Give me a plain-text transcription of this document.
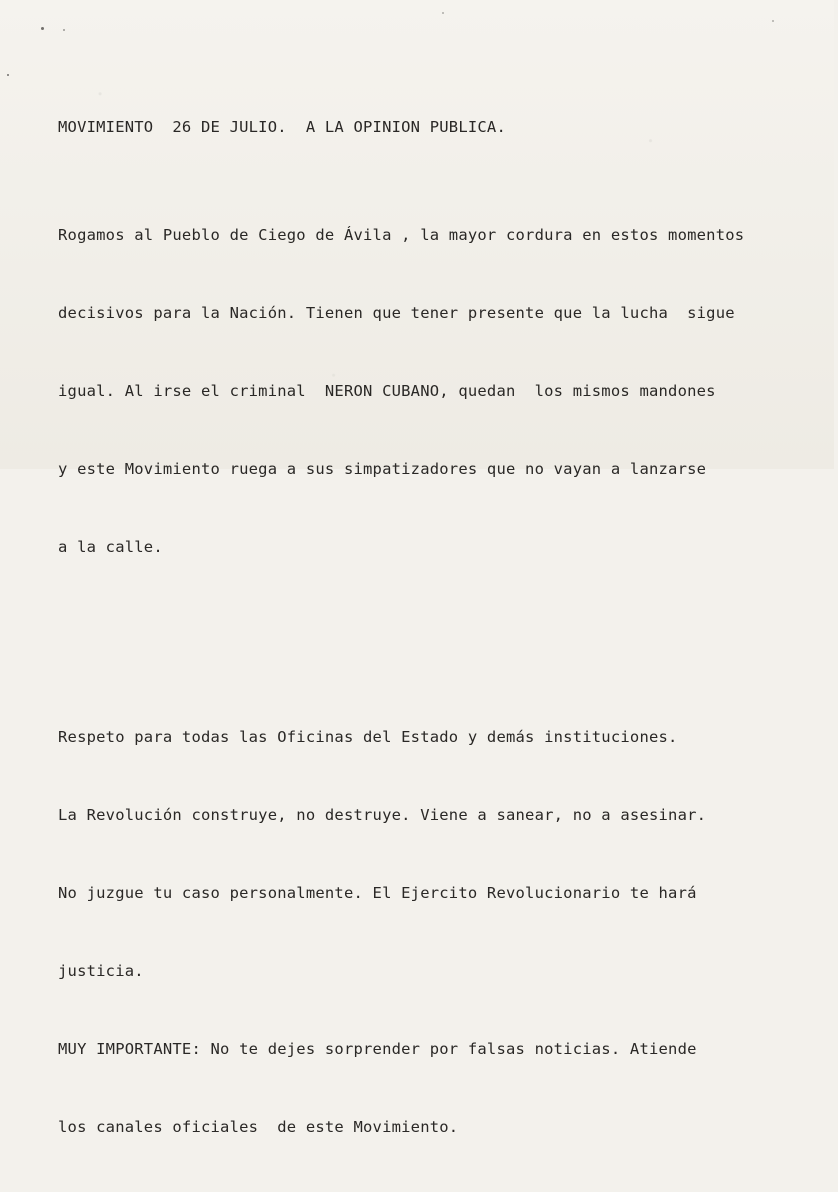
MOVIMIENTO  26 DE JULIO.  A LA OPINION PUBLICA.

Rogamos al Pueblo de Ciego de Ávila , la mayor cordura en estos momentos

decisivos para la Nación. Tienen que tener presente que la lucha  sigue

igual. Al irse el criminal  NERON CUBANO, quedan  los mismos mandones

y este Movimiento ruega a sus simpatizadores que no vayan a lanzarse

a la calle.

Respeto para todas las Oficinas del Estado y demás instituciones.

La Revolución construye, no destruye. Viene a sanear, no a asesinar.

No juzgue tu caso personalmente. El Ejercito Revolucionario te hará

justicia.

MUY IMPORTANTE: No te dejes sorprender por falsas noticias. Atiende

los canales oficiales  de este Movimiento.
